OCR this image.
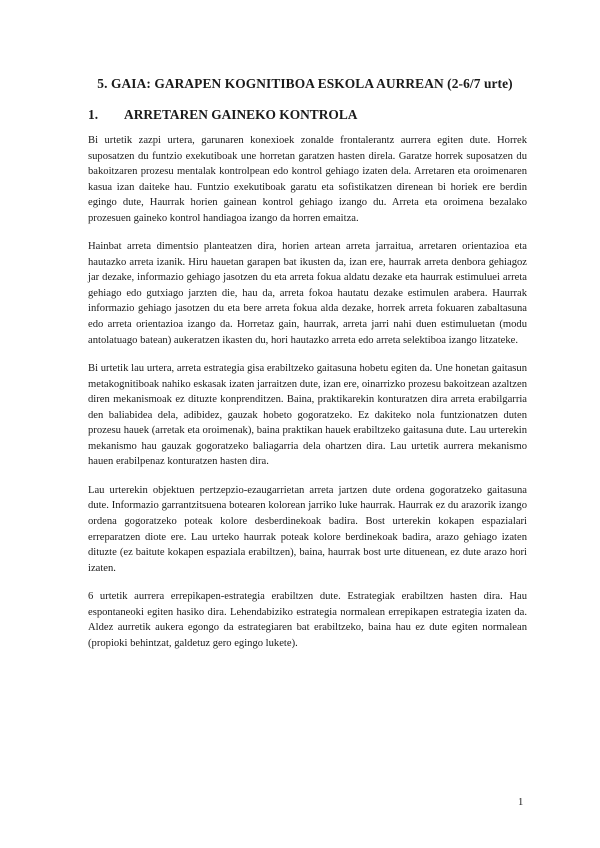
5. GAIA: GARAPEN KOGNITIBOA ESKOLA AURREAN (2-6/7 urte)
1. ARRETAREN GAINEKO KONTROLA

Bi urtetik zazpi urtera, garunaren konexioek zonalde frontalerantz aurrera egiten dute. Horrek suposatzen du funtzio exekutiboak une horretan garatzen hasten direla. Garatze horrek suposatzen du bakoitzaren prozesu mentalak kontrolpean edo kontrol gehiago izaten dela. Arretaren eta oroimenaren kasua izan daiteke hau. Funtzio exekutiboak garatu eta sofistikatzen direnean bi horiek ere berdin egingo dute, Haurrak horien gainean kontrol gehiago izango du. Arreta eta oroimena bezalako prozesuen gaineko kontrol handiagoa izango da horren emaitza.

Hainbat arreta dimentsio planteatzen dira, horien artean arreta jarraitua, arretaren orientazioa eta hautazko arreta izanik. Hiru hauetan garapen bat ikusten da, izan ere, haurrak arreta denbora gehiagoz jar dezake, informazio gehiago jasotzen du eta arreta fokua aldatu dezake eta haurrak estimuluei arreta gehiago edo gutxiago jarzten die, hau da, arreta fokoa hautatu dezake estimulen arabera. Haurrak informazio gehiago jasotzen du eta bere arreta fokua alda dezake, horrek arreta fokuaren zabaltasuna edo arreta orientazioa izango da. Horretaz gain, haurrak, arreta jarri nahi duen estimuluetan (modu antolatuago batean) aukeratzen ikasten du, hori hautazko arreta edo arreta selektiboa izango litzateke.

Bi urtetik lau urtera, arreta estrategia gisa erabiltzeko gaitasuna hobetu egiten da. Une honetan gaitasun metakognitiboak nahiko eskasak izaten jarraitzen dute, izan ere, oinarrizko prozesu bakoitzean azaltzen diren mekanismoak ez dituzte konprenditzen. Baina, praktikarekin konturatzen dira arreta erabilgarria den baliabidea dela, adibidez, gauzak hobeto gogoratzeko. Ez dakiteko nola funtzionatzen duten prozesu hauek (arretak eta oroimenak), baina praktikan hauek erabiltzeko gaitasuna dute. Lau urterekin mekanismo hau gauzak gogoratzeko baliagarria dela ohartzen dira. Lau urtetik aurrera mekanismo hauen erabilpenaz konturatzen hasten dira.

Lau urterekin objektuen pertzepzio-ezaugarrietan arreta jartzen dute ordena gogoratzeko gaitasuna dute. Informazio garrantzitsuena botearen kolorean jarriko luke haurrak. Haurrak ez du arazorik izango ordena gogoratzeko poteak kolore desberdinekoak badira. Bost urterekin kokapen espazialari erreparatzen diote ere. Lau urteko haurrak poteak kolore berdinekoak badira, arazo gehiago izaten dituzte (ez baitute kokapen espaziala erabiltzen), baina, haurrak bost urte dituenean, ez dute arazo hori izaten.

6 urtetik aurrera errepikapen-estrategia erabiltzen dute. Estrategiak erabiltzen hasten dira. Hau espontaneoki egiten hasiko dira. Lehendabiziko estrategia normalean errepikapen estrategia izaten da. Aldez aurretik aukera egongo da estrategiaren bat erabiltzeko, baina hau ez dute egiten normalean (propioki behintzat, galdetuz gero egingo lukete).

1
